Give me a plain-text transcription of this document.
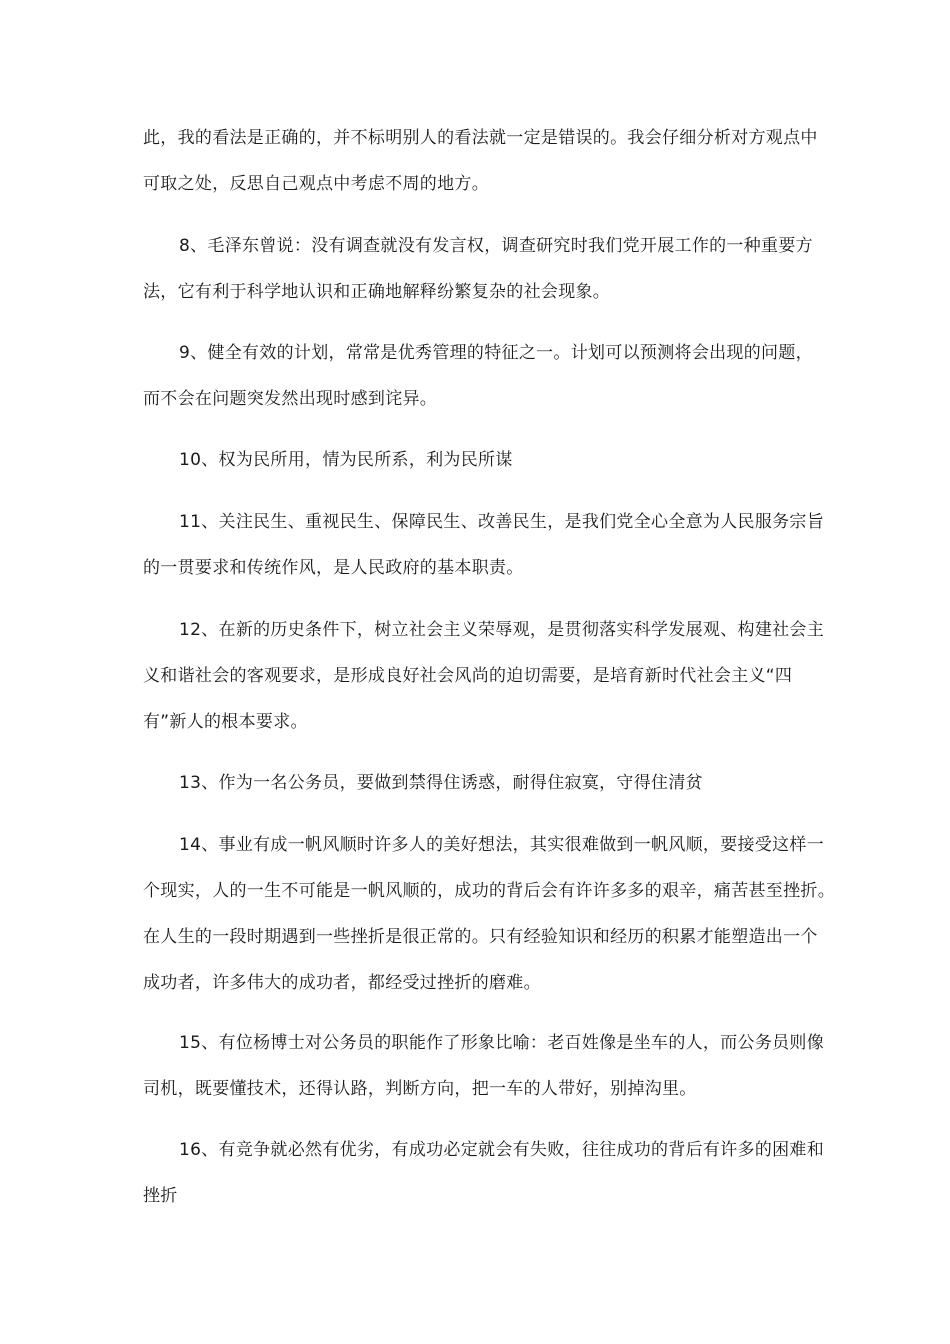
此，我的看法是正确的，并不标明别人的看法就一定是错误的。我会仔细分析对方观点中
可取之处，反思自己观点中考虑不周的地方。
8、毛泽东曾说：没有调查就没有发言权，调查研究时我们党开展工作的一种重要方
法，它有利于科学地认识和正确地解释纷繁复杂的社会现象。
9、健全有效的计划，常常是优秀管理的特征之一。计划可以预测将会出现的问题，
而不会在问题突发然出现时感到诧异。
10、权为民所用，情为民所系，利为民所谋
11、关注民生、重视民生、保障民生、改善民生，是我们党全心全意为人民服务宗旨
的一贯要求和传统作风，是人民政府的基本职责。
12、在新的历史条件下，树立社会主义荣辱观，是贯彻落实科学发展观、构建社会主
义和谐社会的客观要求，是形成良好社会风尚的迫切需要，是培育新时代社会主义“四
有”新人的根本要求。
13、作为一名公务员，要做到禁得住诱惑，耐得住寂寞，守得住清贫
14、事业有成一帆风顺时许多人的美好想法，其实很难做到一帆风顺，要接受这样一
个现实，人的一生不可能是一帆风顺的，成功的背后会有许许多多的艰辛，痛苦甚至挫折。
在人生的一段时期遇到一些挫折是很正常的。只有经验知识和经历的积累才能塑造出一个
成功者，许多伟大的成功者，都经受过挫折的磨难。
15、有位杨博士对公务员的职能作了形象比喻：老百姓像是坐车的人，而公务员则像
司机，既要懂技术，还得认路，判断方向，把一车的人带好，别掉沟里。
16、有竞争就必然有优劣，有成功必定就会有失败，往往成功的背后有许多的困难和
挫折
